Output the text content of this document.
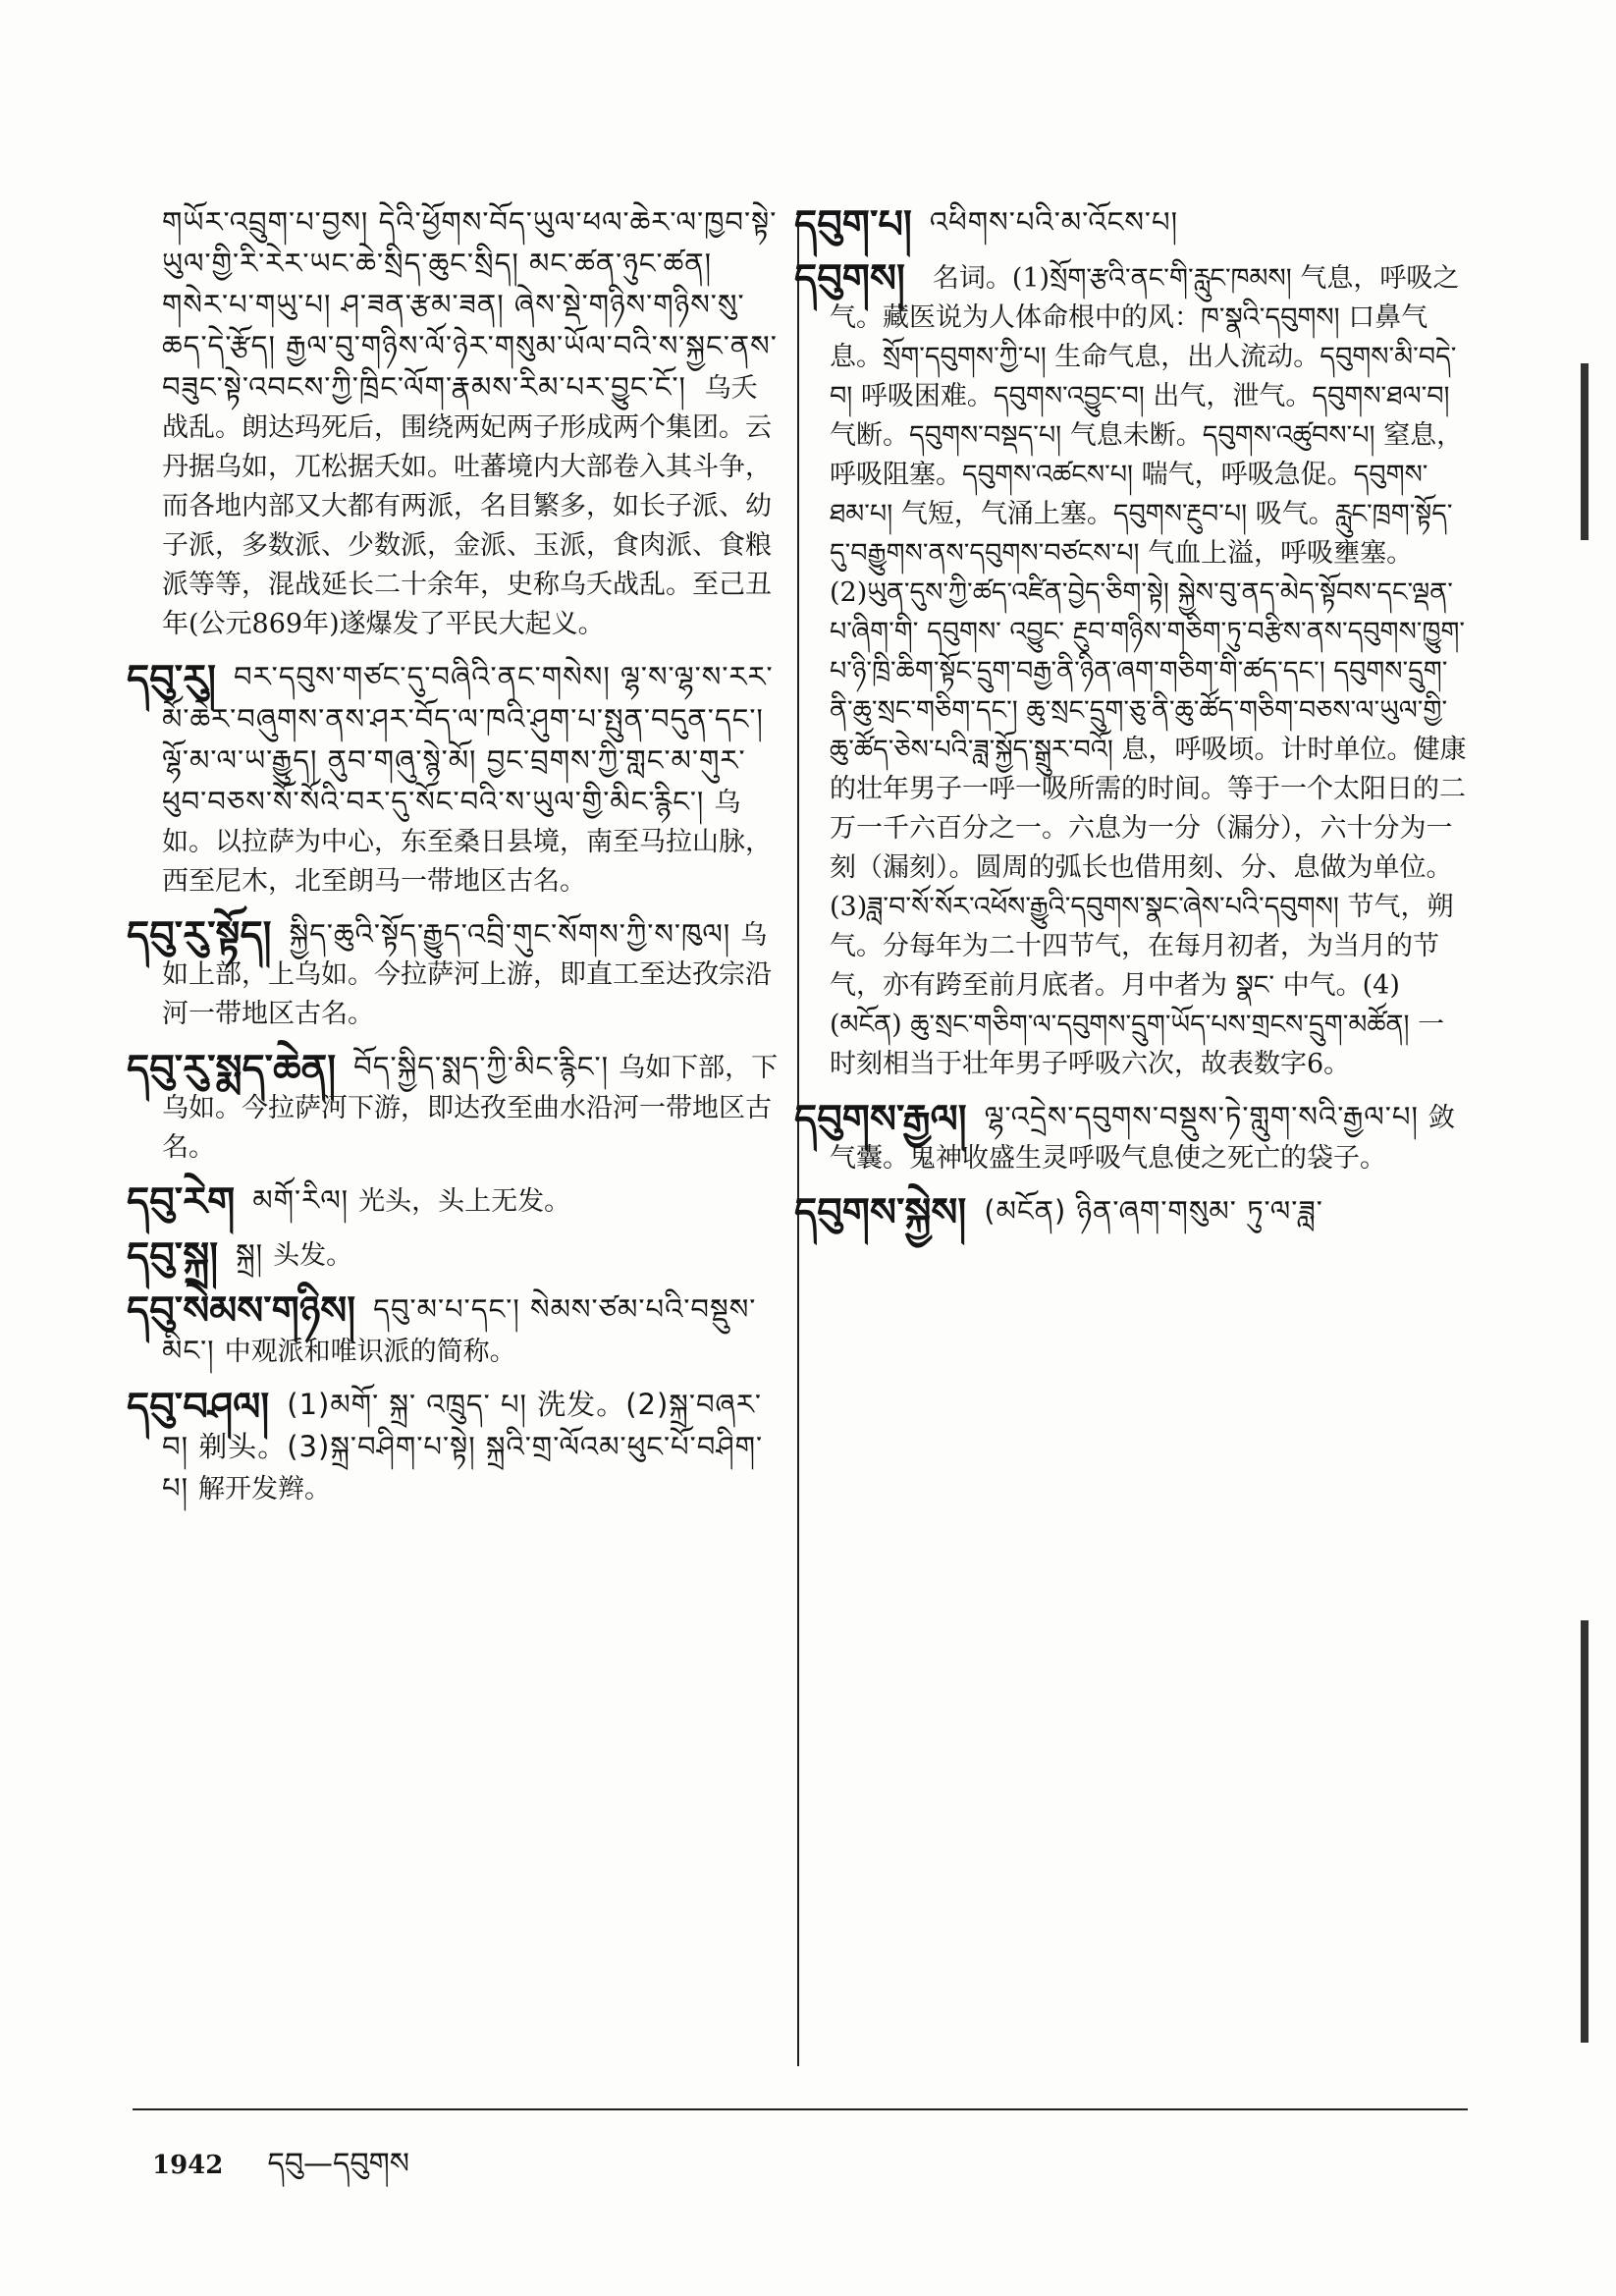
གཡོར་འབྲུག་པ་བྱས། དེའི་ཕྱོགས་བོད་ཡུལ་ཕལ་ཆེར་ལ་ཁྱབ་སྟེ་ཡུལ་གྱི་རི་རེར་ཡང་ཆེ་སྲིད་ཆུང་སྲིད། མང་ཚན་ཉུང་ཚན། གསེར་པ་གཡུ་པ། ཤ་ཟན་རྩམ་ཟན། ཞེས་སྡེ་གཉིས་གཉིས་སུ་ཆད་དེ་རྩོད། རྒྱལ་བུ་གཉིས་ལོ་ཉེར་གསུམ་ཡོལ་བའི་ས་སྐྱང་ནས་བཟུང་སྟེ་འབངས་ཀྱི་ཁྲིང་ལོག་རྣམས་རིམ་པར་བྱུང་ངོ་། 乌夭战乱。朗达玛死后，围绕两妃两子形成两个集团。云丹据乌如，兀松据夭如。吐蕃境内大部卷入其斗争，而各地内部又大都有两派，名目繁多，如长子派、幼子派，多数派、少数派，金派、玉派，食肉派、食粮派等等，混战延长二十余年，史称乌夭战乱。至己丑年(公元869年)遂爆发了平民大起义。
དབུ་རུ། བར་དབུས་གཙང་དུ་བཞིའི་ནང་གསེས། ལྷ་ས་ལྷ་ས་རར་མོ་ཆེར་བཞུགས་ནས་ཤར་བོད་ལ་ཁའི་ཤུག་པ་སྤུན་བདུན་དང་། ལྷོ་མ་ལ་ཡ་རྒྱུད། ནུབ་གཞུ་སྙེ་མོ། བྱང་བྲགས་ཀྱི་གླང་མ་གུར་ཕུབ་བཅས་སོ་སོའི་བར་དུ་སོང་བའི་ས་ཡུལ་གྱི་མིང་རྙིང་། 乌如。以拉萨为中心，东至桑日县境，南至马拉山脉，西至尼木，北至朗马一带地区古名。
དབུ་རུ་སྟོད། སྐྱིད་ཆུའི་སྟོད་རྒྱུད་འབྲི་གུང་སོགས་ཀྱི་ས་ཁུལ། 乌如上部，上乌如。今拉萨河上游，即直工至达孜宗沿河一带地区古名。
དབུ་རུ་སྨད་ཆེན། བོད་སྐྱིད་སྨད་ཀྱི་མིང་རྙིང་། 乌如下部，下乌如。今拉萨河下游，即达孜至曲水沿河一带地区古名。
དབུ་རེག མགོ་རིལ། 光头，头上无发。
དབུ་སྐྲ། སྐྲ། 头发。
དབུ་སེམས་གཉིས། དབུ་མ་པ་དང་། སེམས་ཙམ་པའི་བསྡུས་མིང་། 中观派和唯识派的简称。
དབུ་བཤལ། (1)མགོ་ སྐྲ་ འཁྲུད་ པ། 洗发。(2)སྐྲ་བཞར་བ། 剃头。(3)སྐྲ་བཤིག་པ་སྟེ། སྐྲའི་གྲ་ལོའམ་ཕུང་པོ་བཤིག་པ། 解开发辫。
དབུག་པ། འཕིགས་པའི་མ་འོངས་པ།
དབུགས། 名词。(1)སྲོག་རྩའི་ནང་གི་རླུང་ཁམས། 气息，呼吸之气。藏医说为人体命根中的风：ཁ་སྣའི་དབུགས། 口鼻气息。སྲོག་དབུགས་ཀྱི་པ། 生命气息，出人流动。དབུགས་མི་བདེ་བ། 呼吸困难。དབུགས་འབྱུང་བ། 出气，泄气。དབུགས་ཐལ་བ། 气断。དབུགས་བསྡད་པ། 气息未断。དབུགས་འཚུབས་པ། 窒息，呼吸阻塞。དབུགས་འཚངས་པ། 喘气，呼吸急促。དབུགས་ཐམ་པ། 气短，气涌上塞。དབུགས་རྔུབ་པ། 吸气。རླུང་ཁྲག་སྟོད་དུ་བརྒྱུགས་ནས་དབུགས་བཙངས་པ། 气血上溢，呼吸壅塞。(2)ཡུན་དུས་ཀྱི་ཚད་འཛིན་བྱེད་ཅིག་སྟེ། སྐྱེས་བུ་ནད་མེད་སྟོབས་དང་ལྡན་པ་ཞིག་གི་ དབུགས་ འབྱུང་ རྔུབ་གཉིས་གཅིག་ཏུ་བརྩིས་ནས་དབུགས་ཁྱུག་པ་ཉི་ཁྲི་ཆིག་སྟོང་དྲུག་བརྒྱ་ནི་ཉིན་ཞག་གཅིག་གི་ཚད་དང་། དབུགས་དྲུག་ནི་ཆུ་སྲང་གཅིག་དང་། ཆུ་སྲང་དྲུག་ཅུ་ནི་ཆུ་ཚོད་གཅིག་བཅས་ལ་ཡུལ་གྱི་ཆུ་ཚོད་ཅེས་པའི་ཟླ་སྐྱོད་སྒྲུར་བའོ། 息，呼吸顷。计时单位。健康的壮年男子一呼一吸所需的时间。等于一个太阳日的二万一千六百分之一。六息为一分（漏分），六十分为一刻（漏刻）。圆周的弧长也借用刻、分、息做为单位。(3)ཟླ་བ་སོ་སོར་འཕོས་རྒྱུའི་དབུགས་སྣང་ཞེས་པའི་དབུགས། 节气，朔气。分每年为二十四节气，在每月初者，为当月的节气，亦有跨至前月底者。月中者为 སྣང་ 中气。(4)(མངོན) ཆུ་སྲང་གཅིག་ལ་དབུགས་དྲུག་ཡོད་པས་གྲངས་དྲུག་མཚོན། 一时刻相当于壮年男子呼吸六次，故表数字6。
དབུགས་རྒྱལ། ལྷ་འདྲེས་དབུགས་བསྡུས་ཏེ་གླུག་སའི་རྒྱལ་པ། 敛气囊。鬼神收盛生灵呼吸气息使之死亡的袋子。
དབུགས་སྐྱེས། (མངོན) ཉིན་ཞག་གསུམ་ ཏུ་ལ་ཟླ་
1942 དབུ—དབུགས
